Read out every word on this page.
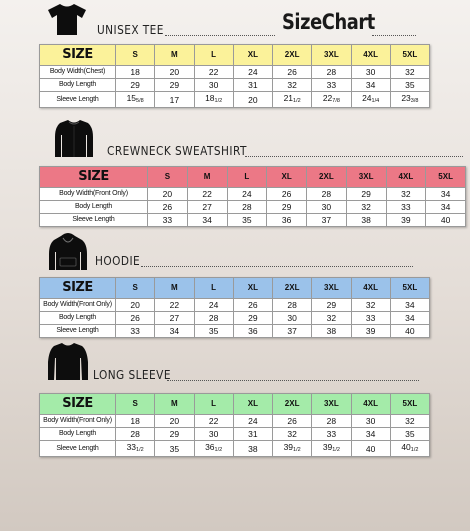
SizeChart
UNISEX TEE
SIZE	S	M	L	XL	2XL	3XL	4XL	5XL
Body Width(Chest)	18	20	22	24	26	28	30	32
Body Length	29	29	30	31	32	33	34	35
Sleeve Length	155/8	17	181/2	20	211/2	227/8	241/4	233/8
CREWNECK SWEATSHIRT
SIZE	S	M	L	XL	2XL	3XL	4XL	5XL
Body Width(Front Only)	20	22	24	26	28	29	32	34
Body Length	26	27	28	29	30	32	33	34
Sleeve Length	33	34	35	36	37	38	39	40
HOODIE
SIZE	S	M	L	XL	2XL	3XL	4XL	5XL
Body Width(Front Only)	20	22	24	26	28	29	32	34
Body Length	26	27	28	29	30	32	33	34
Sleeve Length	33	34	35	36	37	38	39	40
LONG SLEEVE
SIZE	S	M	L	XL	2XL	3XL	4XL	5XL
Body Width(Front Only)	18	20	22	24	26	28	30	32
Body Length	28	29	30	31	32	33	34	35
Sleeve Length	331/2	35	361/2	38	391/2	391/2	40	401/2
